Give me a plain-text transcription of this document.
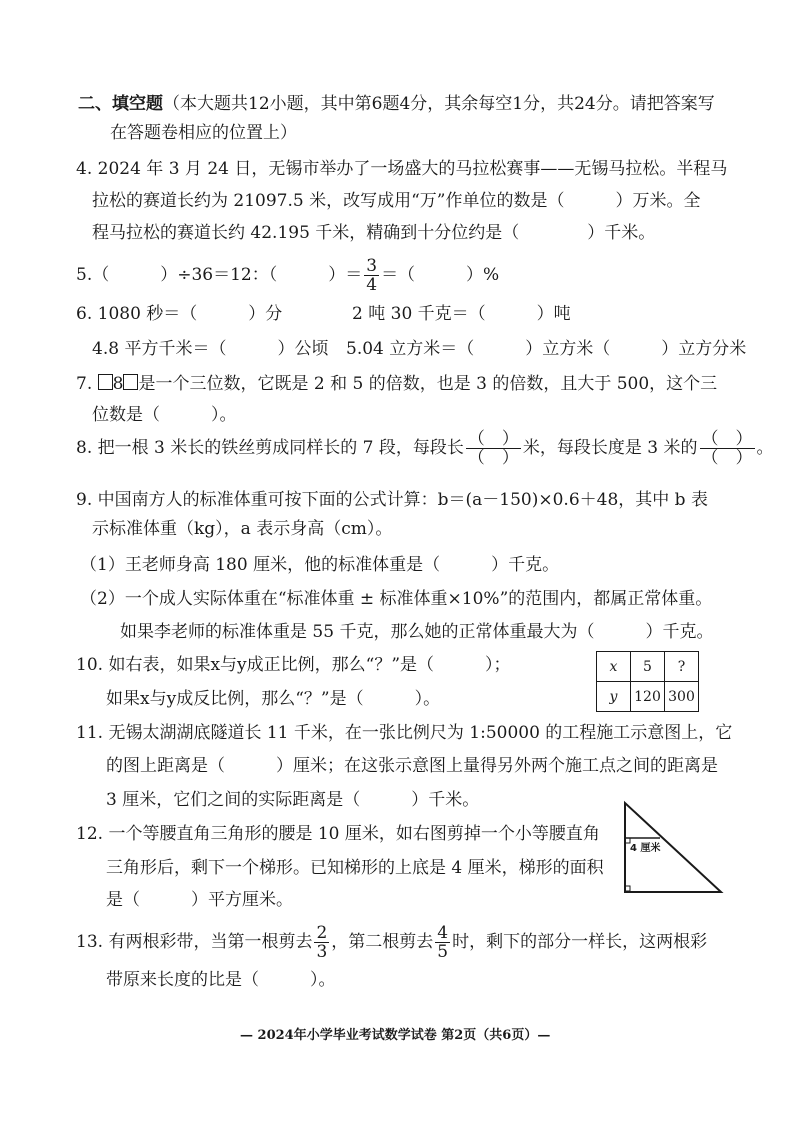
二、填空题（本大题共12小题，其中第6题4分，其余每空1分，共24分。请把答案写
在答题卷相应的位置上）
4. 2024 年 3 月 24 日，无锡市举办了一场盛大的马拉松赛事——无锡马拉松。半程马
拉松的赛道长约为 21097.5 米，改写成用“万”作单位的数是（　　　）万米。全
程马拉松的赛道长约 42.195 千米，精确到十分位约是（　　　　）千米。
5.（　　　）÷36＝12：（　　　）＝ $\frac{3}{4}$ ＝（　　　）%
6. 1080 秒＝（　　　）分	2 吨 30 千克＝（　　　）吨
4.8 平方千米＝（　　　）公顷 5.04 立方米＝（　　　）立方米（　　　）立方分米
7. 8 是一个三位数，它既是 2 和 5 的倍数，也是 3 的倍数，且大于 500，这个三
位数是（　　　）。
8. 把一根 3 米长的铁丝剪成同样长的 7 段，每段长 $\frac{( )}{( )}$ 米，每段长度是 3 米的 $\frac{( )}{( )}$ 。
9. 中国南方人的标准体重可按下面的公式计算：b＝(a－150)×0.6＋48，其中 b 表
示标准体重（kg），a 表示身高（cm）。
（1）王老师身高 180 厘米，他的标准体重是（　　　）千克。
（2）一个成人实际体重在“标准体重 ± 标准体重×10%”的范围内，都属正常体重。
如果李老师的标准体重是 55 千克，那么她的正常体重最大为（　　　）千克。
10. 如右表，如果x与y成正比例，那么“？”是（　　　）；
如果x与y成反比例，那么“？”是（　　　）。
x	5	?
y	120	300
11. 无锡太湖湖底隧道长 11 千米，在一张比例尺为 1:50000 的工程施工示意图上，它
的图上距离是（　　　）厘米；在这张示意图上量得另外两个施工点之间的距离是
3 厘米，它们之间的实际距离是（　　　）千米。
12. 一个等腰直角三角形的腰是 10 厘米，如右图剪掉一个小等腰直角
三角形后，剩下一个梯形。已知梯形的上底是 4 厘米，梯形的面积
是（　　　）平方厘米。
4 厘米
13. 有两根彩带，当第一根剪去 $\frac{2}{3}$ ，第二根剪去 $\frac{4}{5}$ 时，剩下的部分一样长，这两根彩
带原来长度的比是（　　　）。
— 2024年小学毕业考试数学试卷 第2页（共6页）—
